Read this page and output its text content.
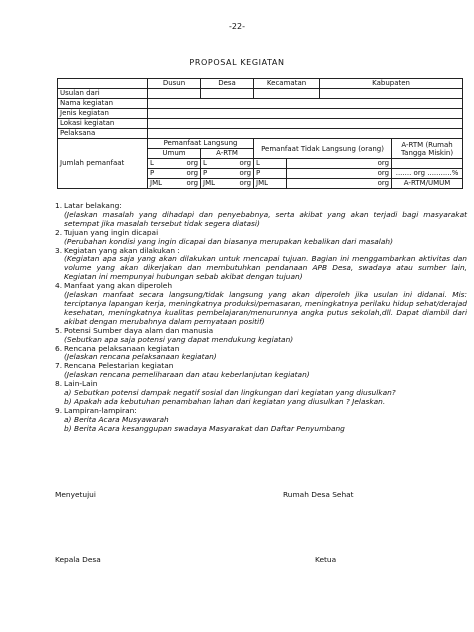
-22-
PROPOSAL KEGIATAN
	Dusun		Desa		Kecamatan		Kabupaten	
Usulan dari								
Nama kegiatan								
Jenis kegiatan								
Lokasi kegiatan								
Pelaksana								
Jumlah pemanfaat	Pemanfaat Langsung				Pemanfaat Tidak Langsung (orang)			A-RTM (Rumah Tangga Miskin)
	Umum		A-RTM					
	L	org	L	org	L	org		
	P	org	P	org	P	org		....... org ...........%
	JML	org	JML	org	JML	org		A-RTM/UMUM
1. Latar belakang:
(Jelaskan masalah yang dihadapi dan penyebabnya, serta akibat yang akan terjadi bagi masyarakat setempat jika masalah tersebut tidak segera diatasi)
2. Tujuan yang ingin dicapai
(Perubahan kondisi yang ingin dicapai dan biasanya merupakan kebalikan dari masalah)
3. Kegiatan yang akan dilakukan :
(Kegiatan apa saja yang akan dilakukan untuk mencapai tujuan. Bagian ini menggambarkan aktivitas dan volume yang akan dikerjakan dan membutuhkan pendanaan APB Desa, swadaya atau sumber lain, Kegiatan ini mempunyai hubungan sebab akibat dengan tujuan)
4. Manfaat yang akan diperoleh
(Jelaskan manfaat secara langsung/tidak langsung yang akan diperoleh jika usulan ini didanai. Mis: terciptanya lapangan kerja, meningkatnya produksi/pemasaran, meningkatnya perilaku hidup sehat/derajad kesehatan, meningkatnya kualitas pembelajaran/menurunnya angka putus sekolah,dll. Dapat diambil dari akibat dengan merubahnya dalam pernyataan positif)
5. Potensi Sumber daya alam dan manusia
(Sebutkan apa saja potensi yang dapat mendukung kegiatan)
6. Rencana pelaksanaan kegiatan
(Jelaskan rencana pelaksanaan kegiatan)
7. Rencana Pelestarian kegiatan
(Jelaskan rencana pemeliharaan dan atau keberlanjutan kegiatan)
8. Lain-Lain
a) Sebutkan potensi dampak negatif sosial dan lingkungan dari kegiatan yang diusulkan?
b) Apakah ada kebutuhan penambahan lahan dari kegiatan yang diusulkan ? Jelaskan.
9. Lampiran-lampiran:
a) Berita Acara Musyawarah
b) Berita Acara kesanggupan swadaya Masyarakat dan Daftar Penyumbang
Menyetujui	Rumah Desa Sehat
Kepala Desa	Ketua
